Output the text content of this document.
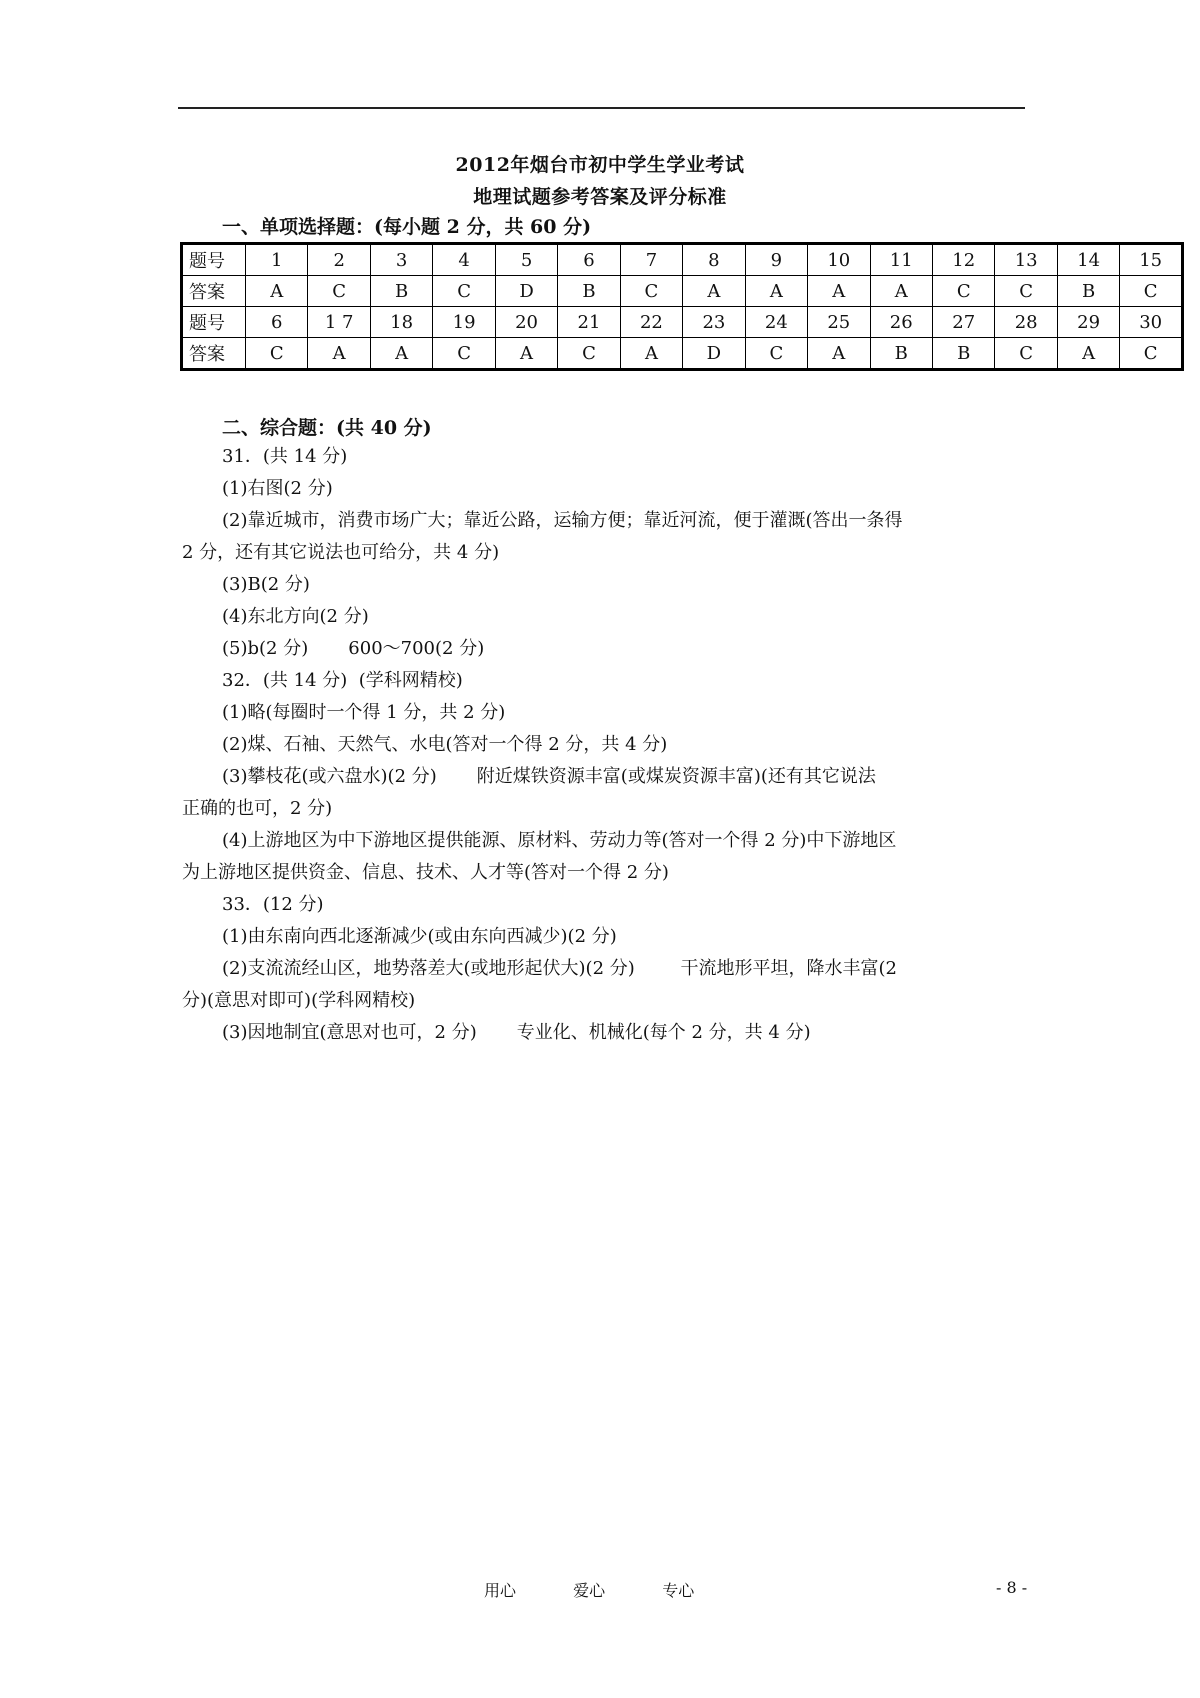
2012年烟台市初中学生学业考试
地理试题参考答案及评分标准
一、单项选择题：(每小题 2 分，共 60 分)
题号	1	2	3	4	5	6	7	8	9	10	11	12	13	14	15
答案	A	C	B	C	D	B	C	A	A	A	A	C	C	B	C
题号	6	1 7	18	19	20	21	22	23	24	25	26	27	28	29	30
答案	C	A	A	C	A	C	A	D	C	A	B	B	C	A	C
二、综合题：(共 40 分)
31．(共 14 分)
(1)右图(2 分)
(2)靠近城市，消费市场广大；靠近公路，运输方便；靠近河流，便于灌溉(答出一条得
2 分，还有其它说法也可给分，共 4 分)
(3)B(2 分)
(4)东北方向(2 分)
(5)b(2 分)       600～700(2 分)
32．(共 14 分)  (学科网精校)
(1)略(每圈时一个得 1 分，共 2 分)
(2)煤、石袖、天然气、水电(答对一个得 2 分，共 4 分)
(3)攀枝花(或六盘水)(2 分)       附近煤铁资源丰富(或煤炭资源丰富)(还有其它说法
正确的也可，2 分)
(4)上游地区为中下游地区提供能源、原材料、劳动力等(答对一个得 2 分)中下游地区
为上游地区提供资金、信息、技术、人才等(答对一个得 2 分)
33．(12 分)
(1)由东南向西北逐渐减少(或由东向西减少)(2 分)
(2)支流流经山区，地势落差大(或地形起伏大)(2 分)        干流地形平坦，降水丰富(2
分)(意思对即可)(学科网精校)
(3)因地制宜(意思对也可，2 分)       专业化、机械化(每个 2 分，共 4 分)
用心	爱心	专心	- 8 -
